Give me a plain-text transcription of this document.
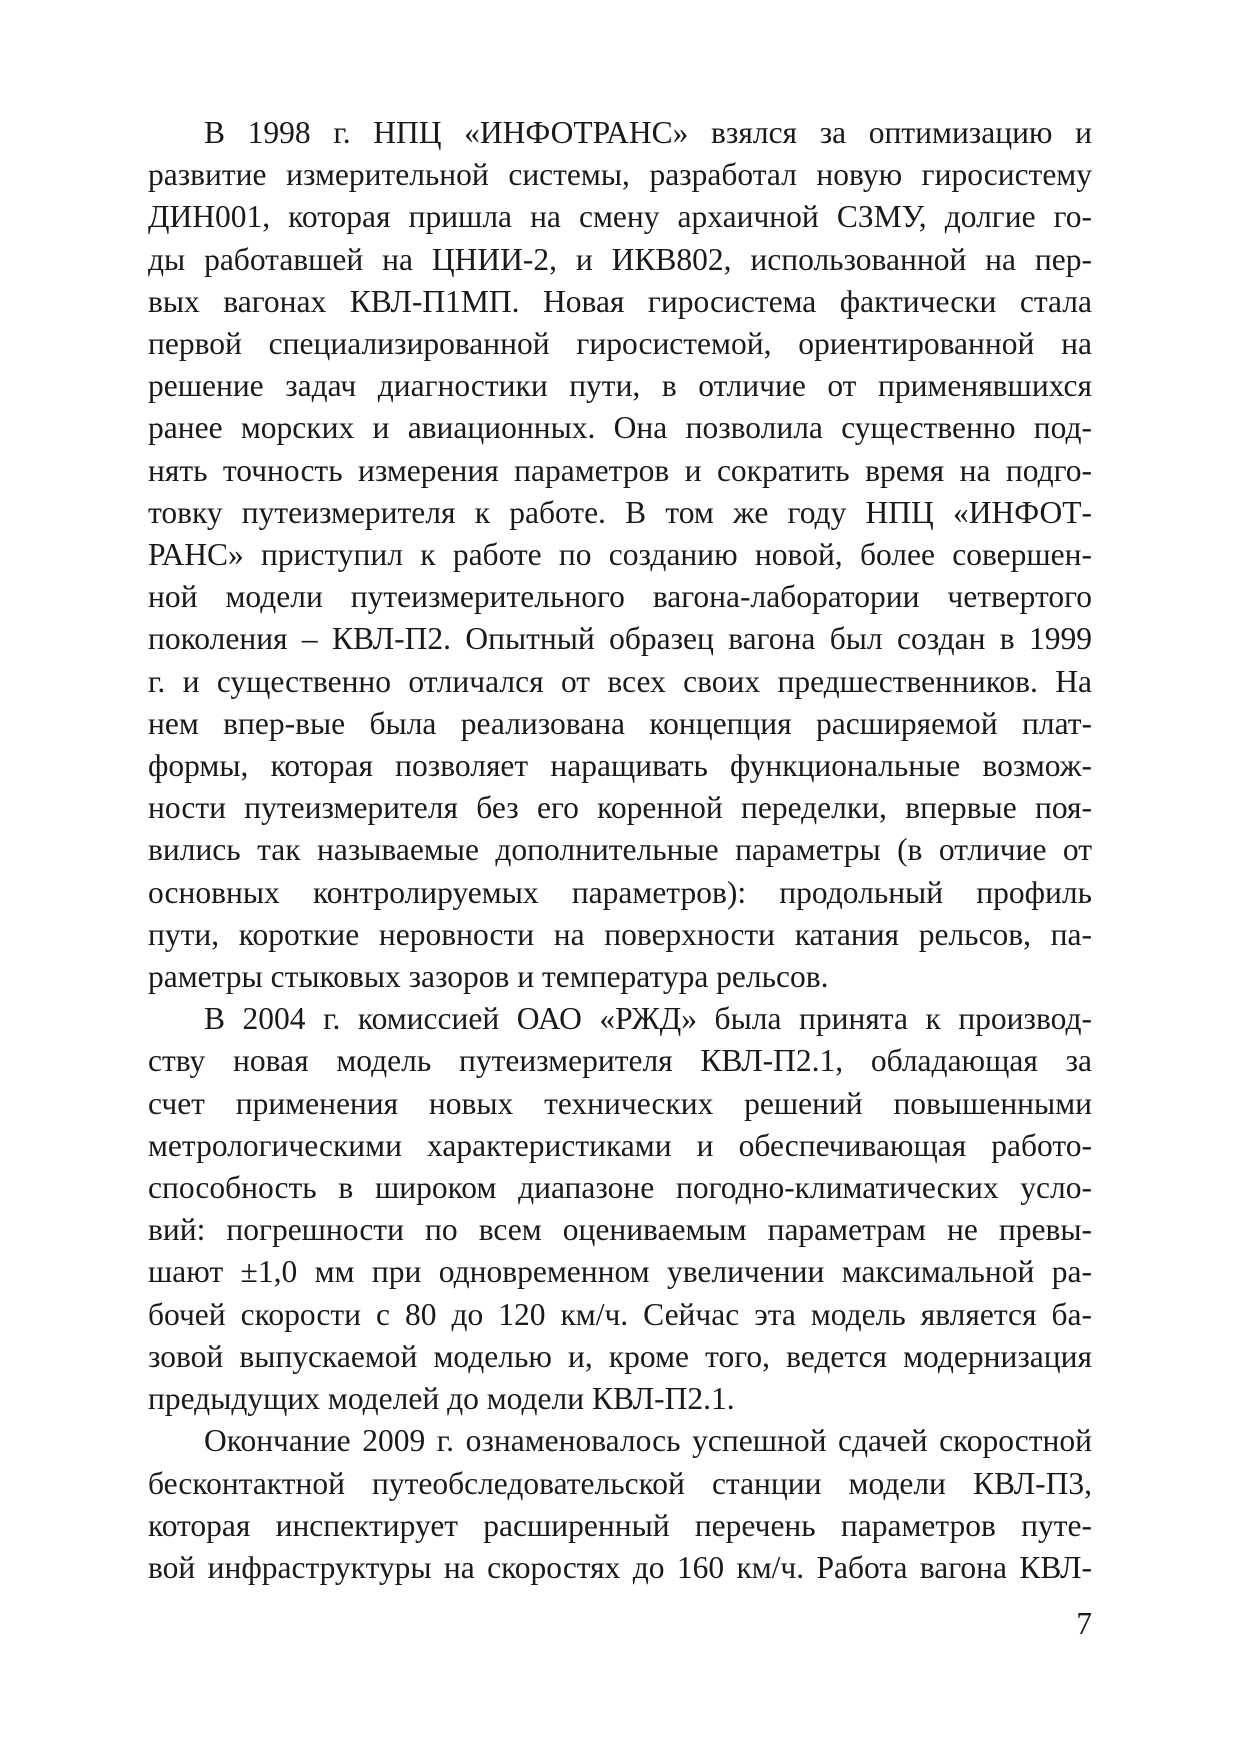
В 1998 г. НПЦ «ИНФОТРАНС» взялся за оптимизацию и
развитие измерительной системы, разработал новую гиросистему
ДИН001, которая пришла на смену архаичной СЗМУ, долгие го-
ды работавшей на ЦНИИ-2, и ИКВ802, использованной на пер-
вых вагонах КВЛ-П1МП. Новая гиросистема фактически стала
первой специализированной гиросистемой, ориентированной на
решение задач диагностики пути, в отличие от применявшихся
ранее морских и авиационных. Она позволила существенно под-
нять точность измерения параметров и сократить время на подго-
товку путеизмерителя к работе. В том же году НПЦ «ИНФОТ-
РАНС» приступил к работе по созданию новой, более совершен-
ной модели путеизмерительного вагона-лаборатории четвертого
поколения – КВЛ-П2. Опытный образец вагона был создан в 1999
г. и существенно отличался от всех своих предшественников. На
нем впер-вые была реализована концепция расширяемой плат-
формы, которая позволяет наращивать функциональные возмож-
ности путеизмерителя без его коренной переделки, впервые поя-
вились так называемые дополнительные параметры (в отличие от
основных контролируемых параметров): продольный профиль
пути, короткие неровности на поверхности катания рельсов, па-
раметры стыковых зазоров и температура рельсов.

В 2004 г. комиссией ОАО «РЖД» была принята к производ-
ству новая модель путеизмерителя КВЛ-П2.1, обладающая за
счет применения новых технических решений повышенными
метрологическими характеристиками и обеспечивающая работо-
способность в широком диапазоне погодно-климатических усло-
вий: погрешности по всем оцениваемым параметрам не превы-
шают ±1,0 мм при одновременном увеличении максимальной ра-
бочей скорости с 80 до 120 км/ч. Сейчас эта модель является ба-
зовой выпускаемой моделью и, кроме того, ведется модернизация
предыдущих моделей до модели КВЛ-П2.1.

Окончание 2009 г. ознаменовалось успешной сдачей скоростной
бесконтактной путеобследовательской станции модели КВЛ-П3,
которая инспектирует расширенный перечень параметров путе-
вой инфраструктуры на скоростях до 160 км/ч. Работа вагона КВЛ-

7
